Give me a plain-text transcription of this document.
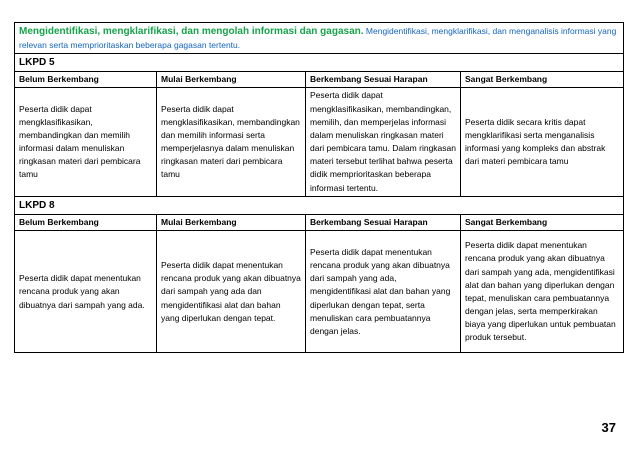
Mengidentifikasi, mengklarifikasi, dan mengolah informasi dan gagasan. Mengidentifikasi, mengklarifikasi, dan menganalisis informasi yang relevan serta memprioritaskan beberapa gagasan tertentu.			
LKPD 5			
Belum Berkembang	Mulai Berkembang	Berkembang Sesuai Harapan	Sangat Berkembang
Peserta didik dapat mengklasifikasikan, membandingkan dan memilih informasi dalam menuliskan ringkasan materi dari pembicara tamu	Peserta didik dapat mengklasifikasikan, membandingkan dan memilih informasi serta memperjelasnya dalam menuliskan ringkasan materi dari pembicara tamu	Peserta didik dapat mengklasifikasikan, membandingkan, memilih, dan memperjelas informasi dalam menuliskan ringkasan materi dari pembicara tamu. Dalam ringkasan materi tersebut terlihat bahwa peserta didik memprioritaskan beberapa informasi tertentu.	Peserta didik secara kritis dapat mengklarifikasi serta menganalisis informasi yang kompleks dan abstrak dari materi pembicara tamu
LKPD 8			
Belum Berkembang	Mulai Berkembang	Berkembang Sesuai Harapan	Sangat Berkembang
Peserta didik dapat menentukan rencana produk yang akan dibuatnya dari sampah yang ada.	Peserta didik dapat menentukan rencana produk yang akan dibuatnya dari sampah yang ada dan mengidentifikasi alat dan bahan yang diperlukan dengan tepat.	Peserta didik dapat menentukan rencana produk yang akan dibuatnya dari sampah yang ada, mengidentifikasi alat dan bahan yang diperlukan dengan tepat, serta menuliskan cara pembuatannya dengan jelas.	Peserta didik dapat menentukan rencana produk yang akan dibuatnya dari sampah yang ada, mengidentifikasi alat dan bahan yang diperlukan dengan tepat, menuliskan cara pembuatannya dengan jelas, serta memperkirakan biaya yang diperlukan untuk pembuatan produk tersebut.
37
